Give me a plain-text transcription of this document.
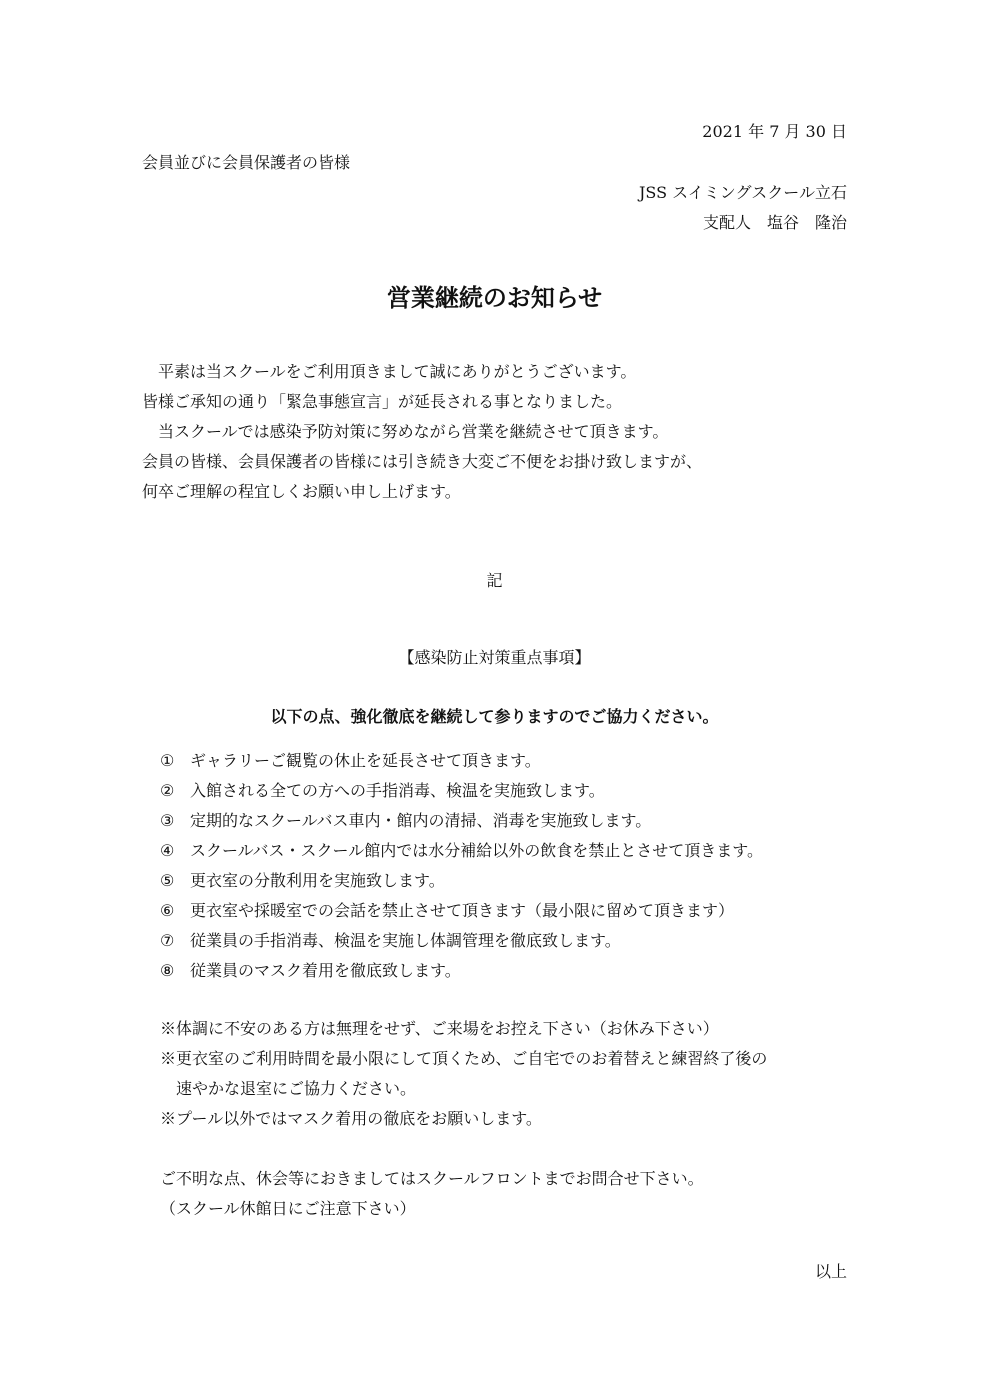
2021 年 7 月 30 日
会員並びに会員保護者の皆様
JSS スイミングスクール立石
支配人　塩谷　隆治
営業継続のお知らせ
　平素は当スクールをご利用頂きまして誠にありがとうございます。
皆様ご承知の通り「緊急事態宣言」が延長される事となりました。
　当スクールでは感染予防対策に努めながら営業を継続させて頂きます。
会員の皆様、会員保護者の皆様には引き続き大変ご不便をお掛け致しますが、
何卒ご理解の程宜しくお願い申し上げます。
記
【感染防止対策重点事項】
以下の点、強化徹底を継続して参りますのでご協力ください。
① ギャラリーご観覧の休止を延長させて頂きます。
② 入館される全ての方への手指消毒、検温を実施致します。
③ 定期的なスクールバス車内・館内の清掃、消毒を実施致します。
④ スクールバス・スクール館内では水分補給以外の飲食を禁止とさせて頂きます。
⑤ 更衣室の分散利用を実施致します。
⑥ 更衣室や採暖室での会話を禁止させて頂きます（最小限に留めて頂きます）
⑦ 従業員の手指消毒、検温を実施し体調管理を徹底致します。
⑧ 従業員のマスク着用を徹底致します。
※体調に不安のある方は無理をせず、ご来場をお控え下さい（お休み下さい）
※更衣室のご利用時間を最小限にして頂くため、ご自宅でのお着替えと練習終了後の
　速やかな退室にご協力ください。
※プール以外ではマスク着用の徹底をお願いします。
ご不明な点、休会等におきましてはスクールフロントまでお問合せ下さい。
（スクール休館日にご注意下さい）
以上
